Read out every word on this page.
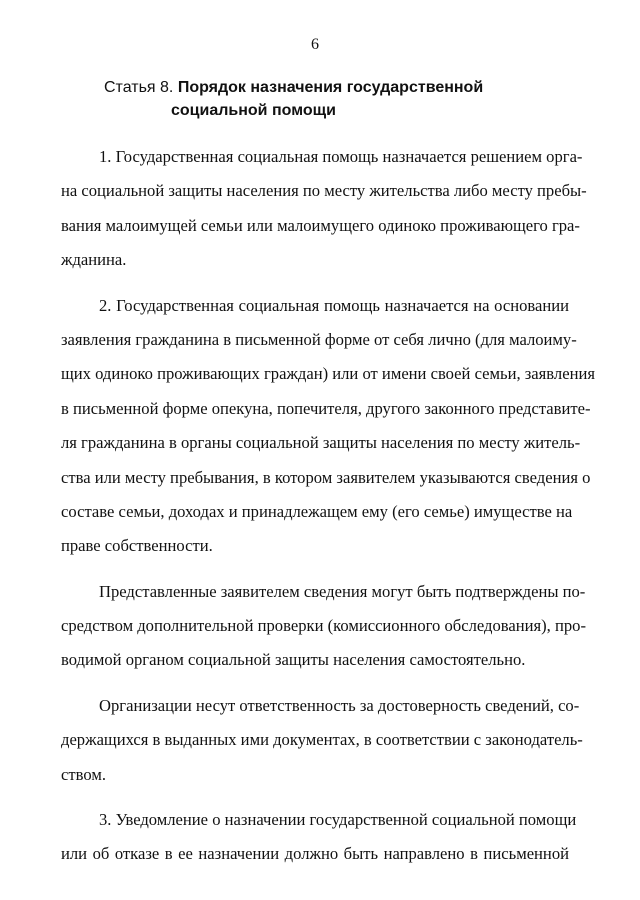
6
Статья 8. Порядок назначения государственной
социальной помощи
1. Государственная социальная помощь назначается решением орга-
на социальной защиты населения по месту жительства либо месту пребы-
вания малоимущей семьи или малоимущего одиноко проживающего гра-
жданина.
2. Государственная социальная помощь назначается на основании
заявления гражданина в письменной форме от себя лично (для малоиму-
щих одиноко проживающих граждан) или от имени своей семьи, заявления
в письменной форме опекуна, попечителя, другого законного представите-
ля гражданина в органы социальной защиты населения по месту житель-
ства или месту пребывания, в котором заявителем указываются сведения о
составе семьи, доходах и принадлежащем ему (его семье) имуществе на
праве собственности.
Представленные заявителем сведения могут быть подтверждены по-
средством дополнительной проверки (комиссионного обследования), про-
водимой органом социальной защиты населения самостоятельно.
Организации несут ответственность за достоверность сведений, со-
держащихся в выданных ими документах, в соответствии с законодатель-
ством.
3. Уведомление о назначении государственной социальной помощи
или об отказе в ее назначении должно быть направлено в письменной
